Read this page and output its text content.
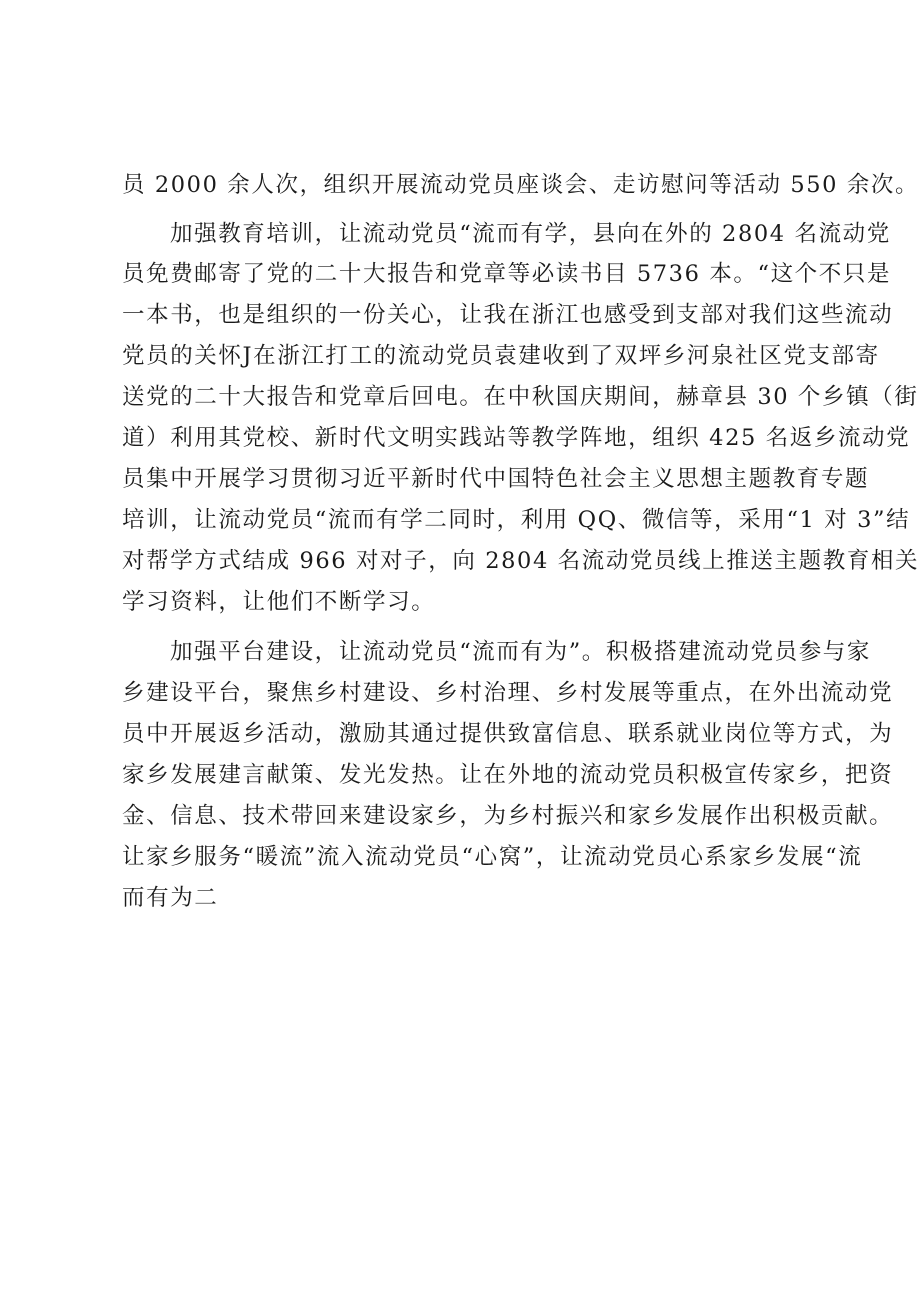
员 2000 余人次，组织开展流动党员座谈会、走访慰问等活动 550 余次。
加强教育培训，让流动党员“流而有学，县向在外的 2804 名流动党
员免费邮寄了党的二十大报告和党章等必读书目 5736 本。“这个不只是
一本书，也是组织的一份关心，让我在浙江也感受到支部对我们这些流动
党员的关怀J在浙江打工的流动党员袁建收到了双坪乡河泉社区党支部寄
送党的二十大报告和党章后回电。在中秋国庆期间，赫章县 30 个乡镇（街
道）利用其党校、新时代文明实践站等教学阵地，组织 425 名返乡流动党
员集中开展学习贯彻习近平新时代中国特色社会主义思想主题教育专题
培训，让流动党员“流而有学二同时，利用 QQ、微信等，采用“1 对 3”结
对帮学方式结成 966 对对子，向 2804 名流动党员线上推送主题教育相关
学习资料，让他们不断学习。
加强平台建设，让流动党员“流而有为”。积极搭建流动党员参与家
乡建设平台，聚焦乡村建设、乡村治理、乡村发展等重点，在外出流动党
员中开展返乡活动，激励其通过提供致富信息、联系就业岗位等方式，为
家乡发展建言献策、发光发热。让在外地的流动党员积极宣传家乡，把资
金、信息、技术带回来建设家乡，为乡村振兴和家乡发展作出积极贡献。
让家乡服务“暖流”流入流动党员“心窝”，让流动党员心系家乡发展“流
而有为二
